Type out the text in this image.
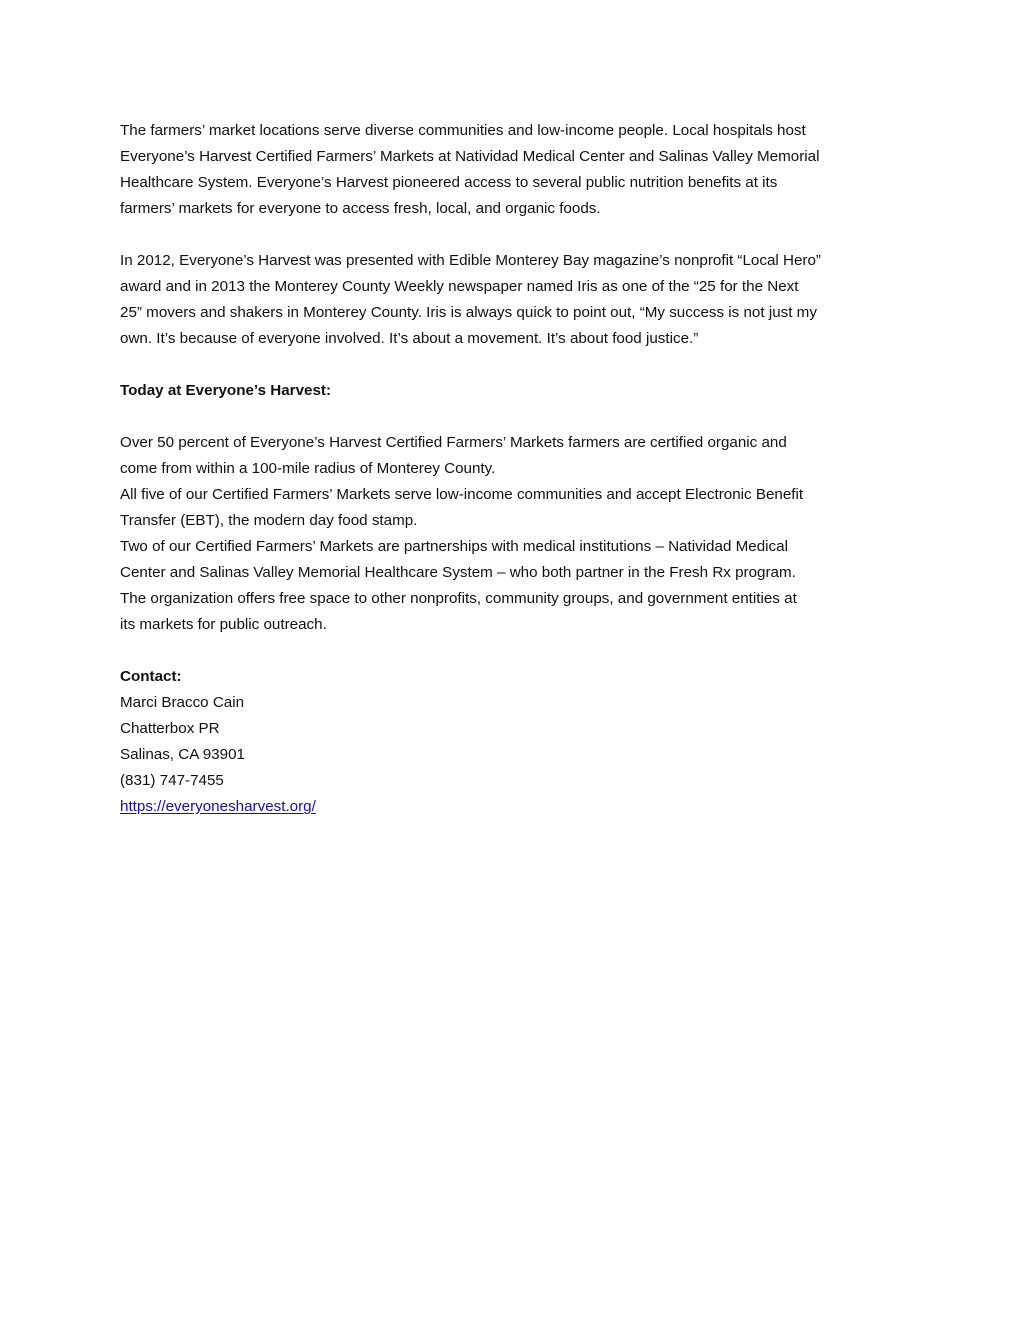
The farmers’ market locations serve diverse communities and low-income people. Local hospitals host
Everyone’s Harvest Certified Farmers’ Markets at Natividad Medical Center and Salinas Valley Memorial
Healthcare System. Everyone’s Harvest pioneered access to several public nutrition benefits at its
farmers’ markets for everyone to access fresh, local, and organic foods.

In 2012, Everyone’s Harvest was presented with Edible Monterey Bay magazine’s nonprofit “Local Hero”
award and in 2013 the Monterey County Weekly newspaper named Iris as one of the “25 for the Next
25” movers and shakers in Monterey County. Iris is always quick to point out, “My success is not just my
own. It’s because of everyone involved. It’s about a movement. It’s about food justice.”

Today at Everyone’s Harvest:

Over 50 percent of Everyone’s Harvest Certified Farmers’ Markets farmers are certified organic and
come from within a 100-mile radius of Monterey County.
All five of our Certified Farmers’ Markets serve low-income communities and accept Electronic Benefit
Transfer (EBT), the modern day food stamp.
Two of our Certified Farmers’ Markets are partnerships with medical institutions – Natividad Medical
Center and Salinas Valley Memorial Healthcare System – who both partner in the Fresh Rx program.
The organization offers free space to other nonprofits, community groups, and government entities at
its markets for public outreach.
Contact:
Marci Bracco Cain
Chatterbox PR
Salinas, CA 93901
(831) 747-7455
https://everyonesharvest.org/
